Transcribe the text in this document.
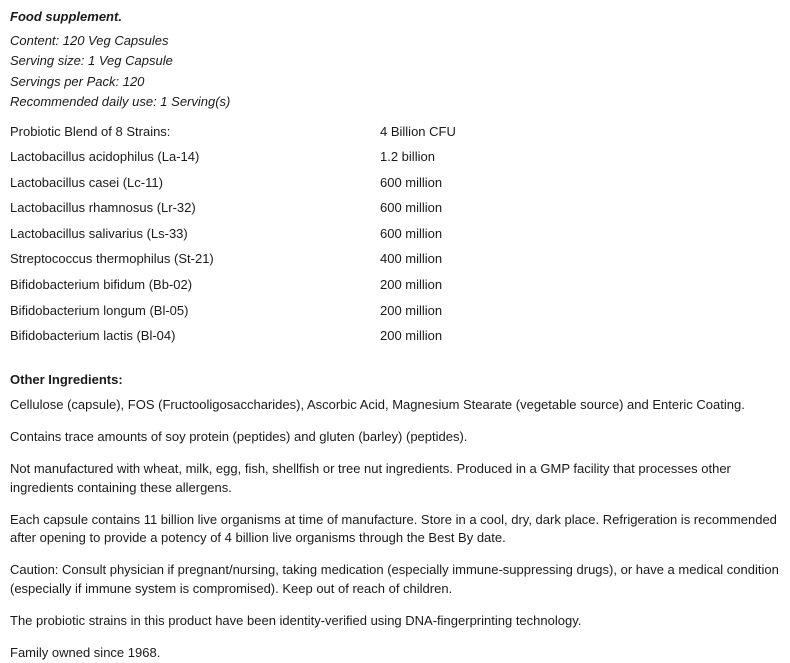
Food supplement.
Content: 120 Veg Capsules
Serving size: 1 Veg Capsule
Servings per Pack: 120
Recommended daily use: 1 Serving(s)
Probiotic Blend of 8 Strains:	4 Billion CFU
Lactobacillus acidophilus (La-14)	1.2 billion
Lactobacillus casei (Lc-11)	600 million
Lactobacillus rhamnosus (Lr-32)	600 million
Lactobacillus salivarius (Ls-33)	600 million
Streptococcus thermophilus (St-21)	400 million
Bifidobacterium bifidum (Bb-02)	200 million
Bifidobacterium longum (Bl-05)	200 million
Bifidobacterium lactis (Bl-04)	200 million
Other Ingredients:

Cellulose (capsule), FOS (Fructooligosaccharides), Ascorbic Acid, Magnesium Stearate (vegetable source) and Enteric Coating.

Contains trace amounts of soy protein (peptides) and gluten (barley) (peptides).

Not manufactured with wheat, milk, egg, fish, shellfish or tree nut ingredients. Produced in a GMP facility that processes other ingredients containing these allergens.

Each capsule contains 11 billion live organisms at time of manufacture. Store in a cool, dry, dark place. Refrigeration is recommended after opening to provide a potency of 4 billion live organisms through the Best By date.

Caution: Consult physician if pregnant/nursing, taking medication (especially immune-suppressing drugs), or have a medical condition (especially if immune system is compromised). Keep out of reach of children.

The probiotic strains in this product have been identity-verified using DNA-fingerprinting technology.

Family owned since 1968.
